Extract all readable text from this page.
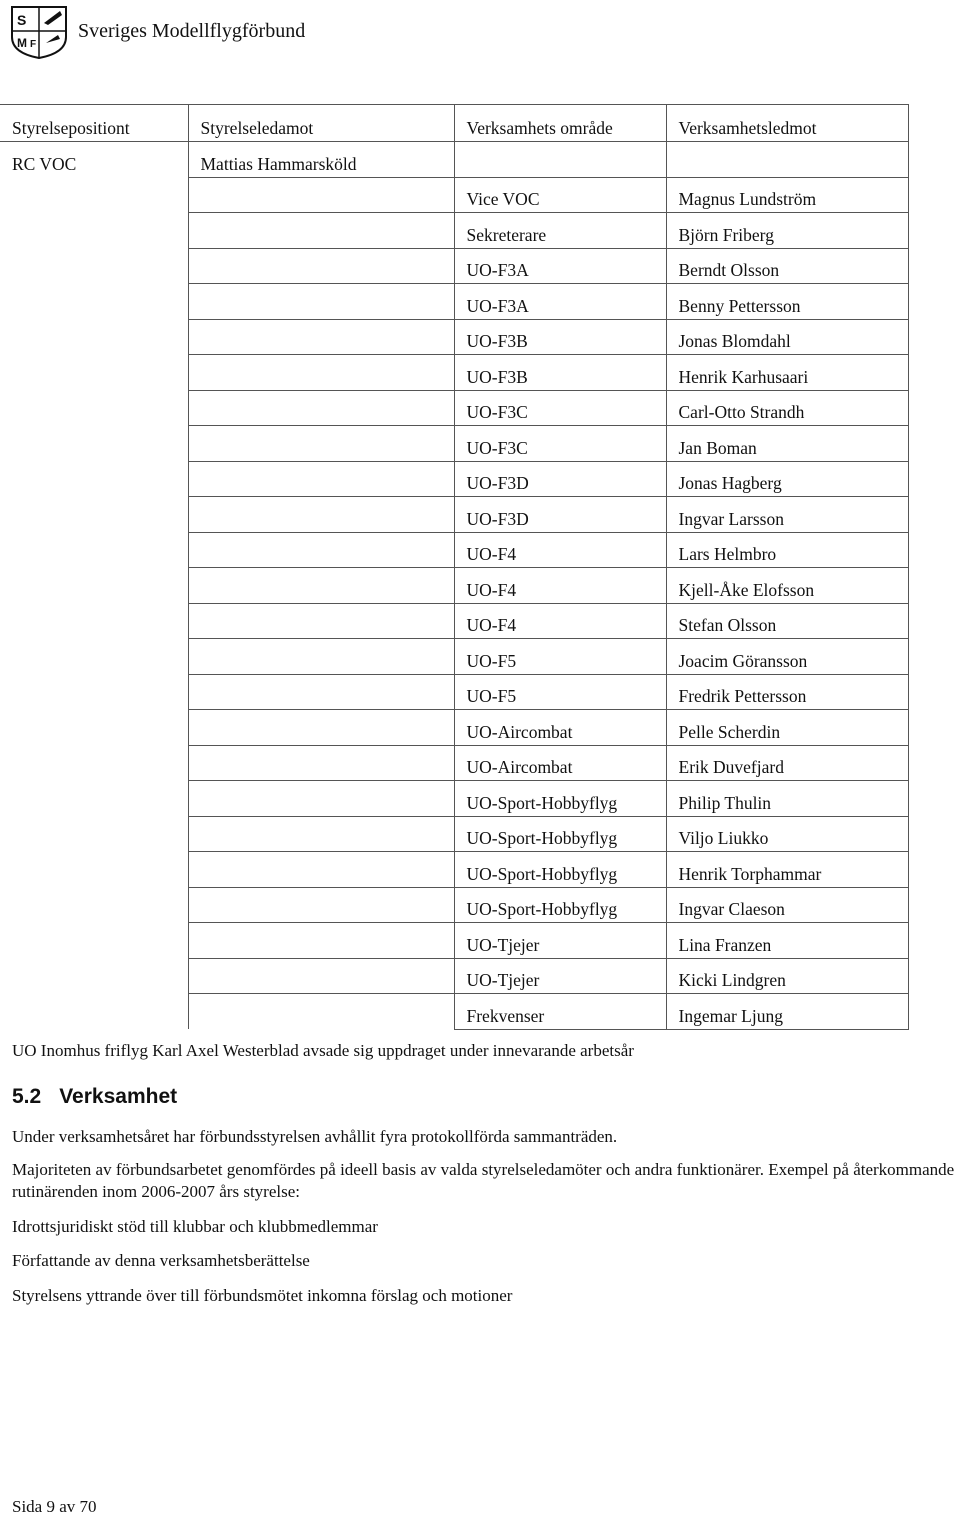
S
M F
Sveriges Modellflygförbund
Styrelsepositiont	Styrelseledamot	Verksamhets område	Verksamhetsledmot
RC VOC	Mattias Hammarsköld		
		Vice VOC	Magnus Lundström
		Sekreterare	Björn Friberg
		UO-F3A	Berndt Olsson
		UO-F3A	Benny Pettersson
		UO-F3B	Jonas Blomdahl
		UO-F3B	Henrik Karhusaari
		UO-F3C	Carl-Otto Strandh
		UO-F3C	Jan Boman
		UO-F3D	Jonas Hagberg
		UO-F3D	Ingvar Larsson
		UO-F4	Lars Helmbro
		UO-F4	Kjell-Åke Elofsson
		UO-F4	Stefan Olsson
		UO-F5	Joacim Göransson
		UO-F5	Fredrik Pettersson
		UO-Aircombat	Pelle Scherdin
		UO-Aircombat	Erik Duvefjard
		UO-Sport-Hobbyflyg	Philip Thulin
		UO-Sport-Hobbyflyg	Viljo Liukko
		UO-Sport-Hobbyflyg	Henrik Torphammar
		UO-Sport-Hobbyflyg	Ingvar Claeson
		UO-Tjejer	Lina Franzen
		UO-Tjejer	Kicki Lindgren
		Frekvenser	Ingemar Ljung
UO Inomhus friflyg Karl Axel Westerblad avsade sig uppdraget under innevarande arbetsår
5.2 Verksamhet
Under verksamhetsåret har förbundsstyrelsen avhållit fyra protokollförda sammanträden.
Majoriteten av förbundsarbetet genomfördes på ideell basis av valda styrelseledamöter och andra funktionärer. Exempel på återkommande rutinärenden inom 2006-2007 års styrelse:
Idrottsjuridiskt stöd till klubbar och klubbmedlemmar
Författande av denna verksamhetsberättelse
Styrelsens yttrande över till förbundsmötet inkomna förslag och motioner
Sida 9 av 70
